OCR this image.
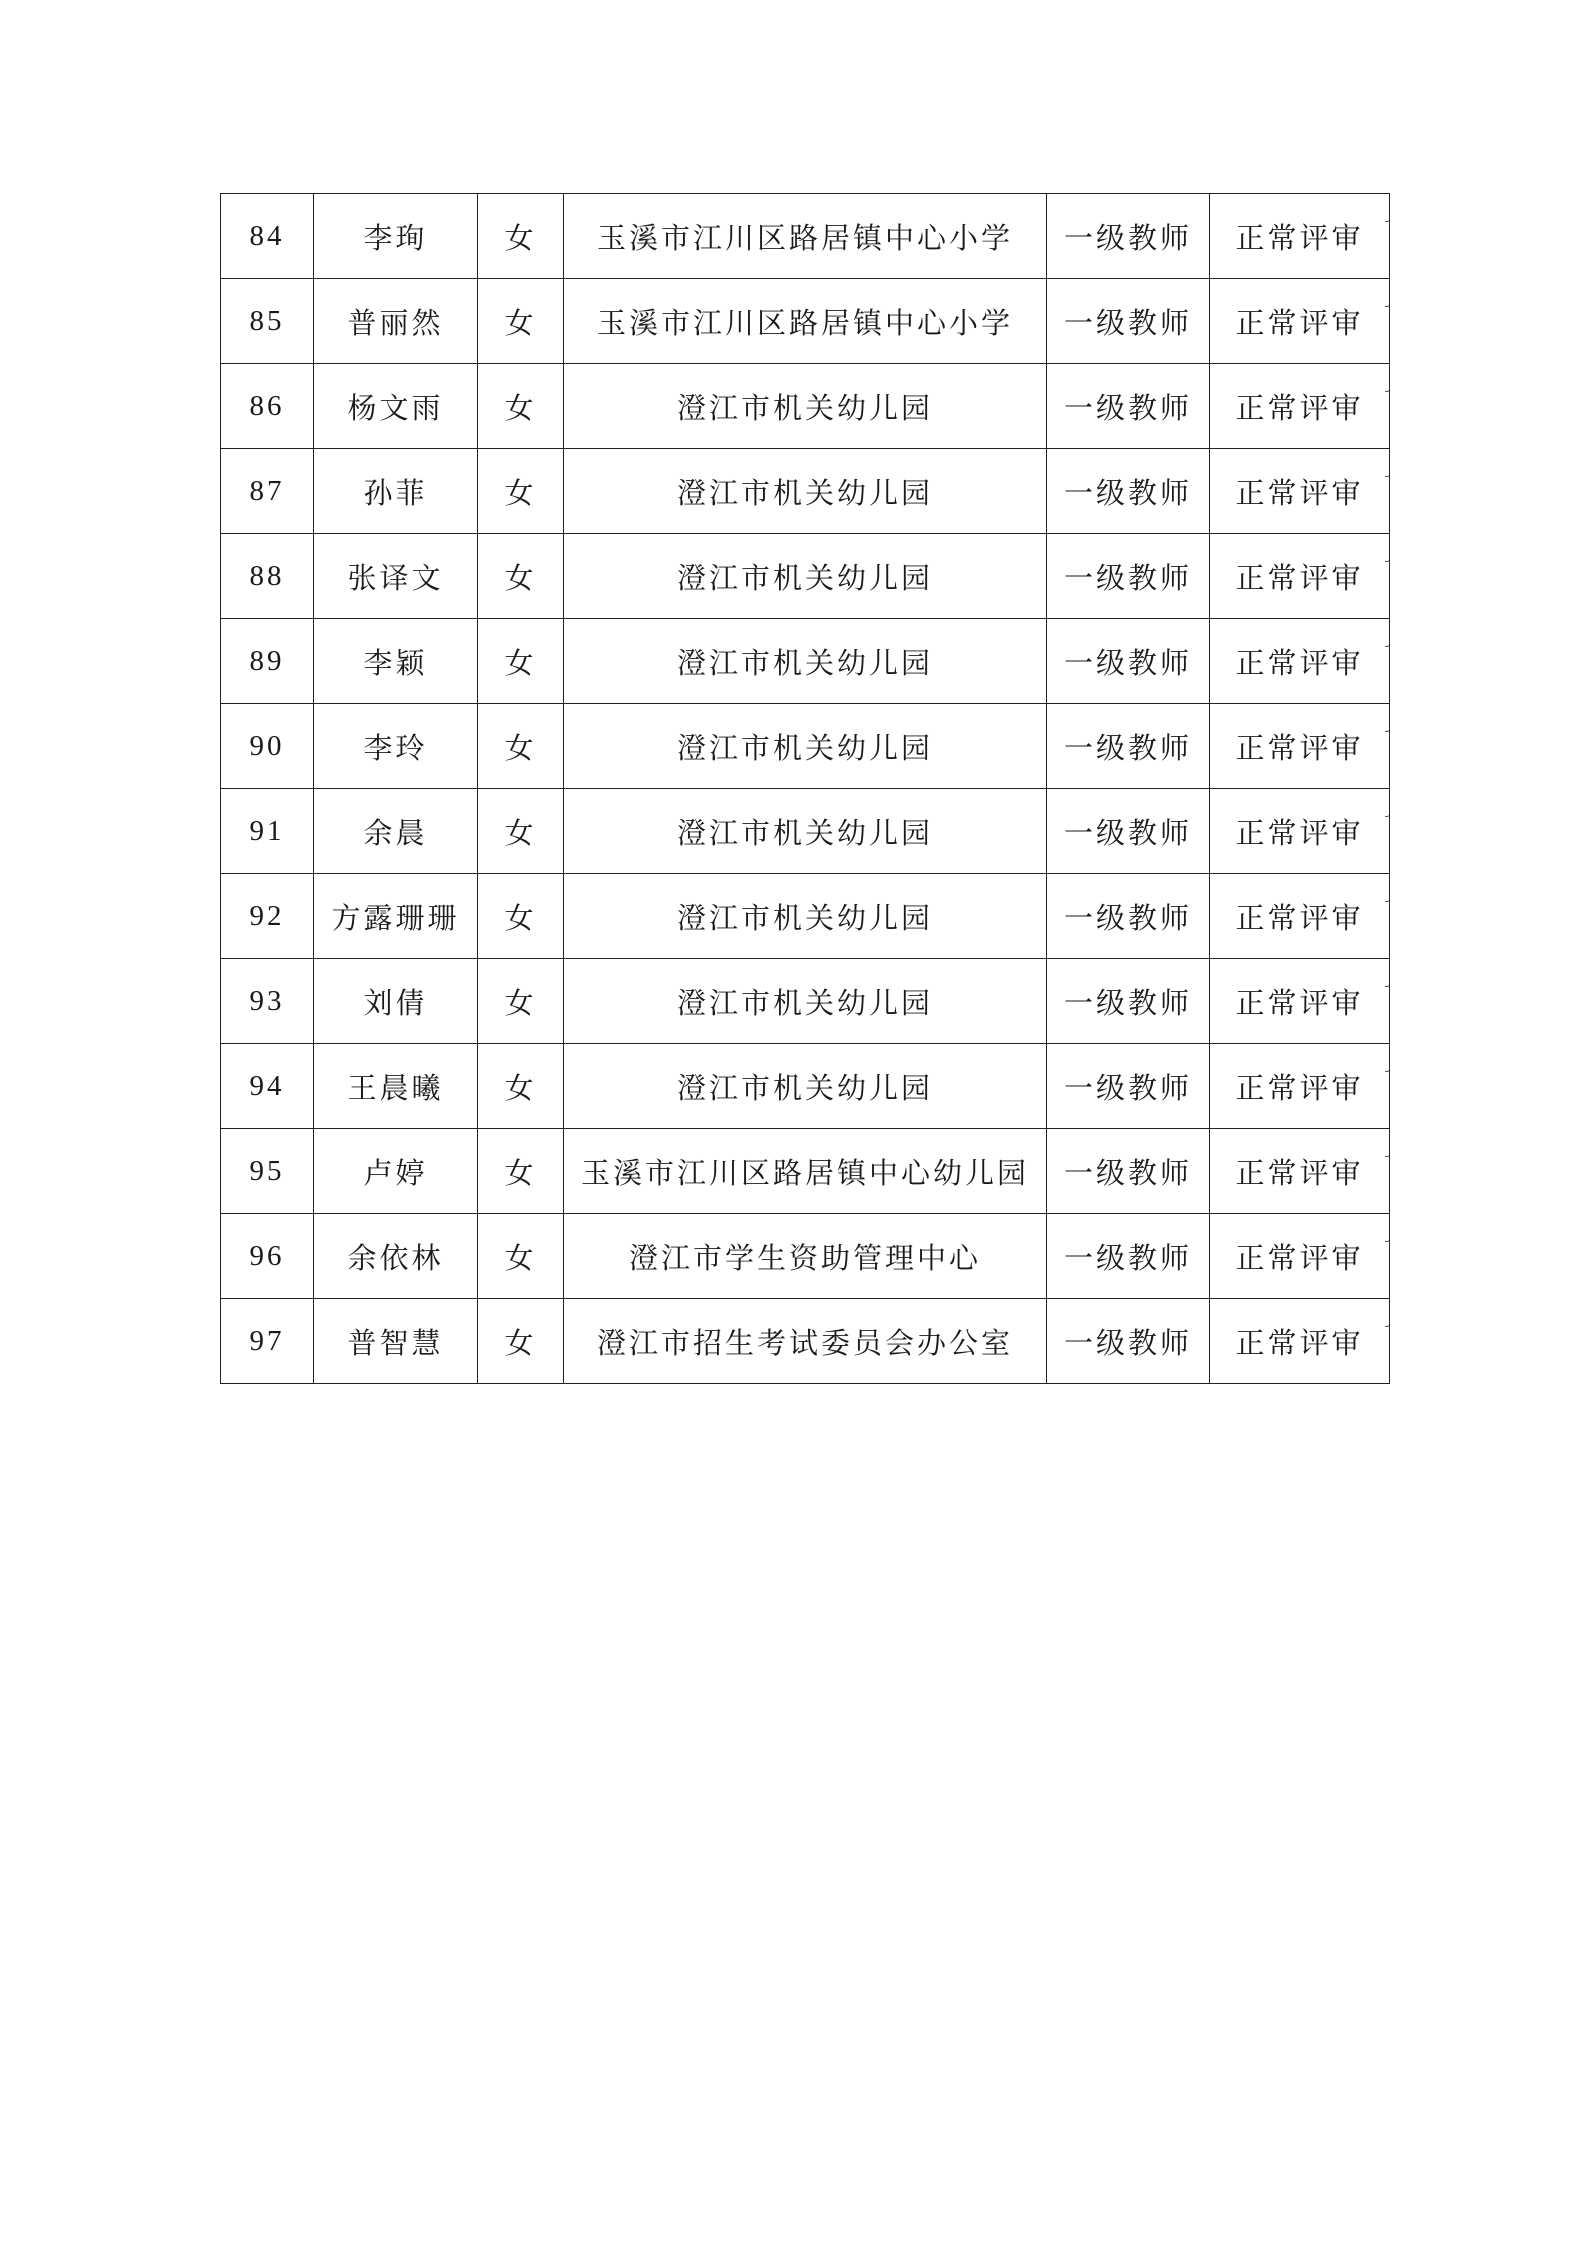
84	李珣	女	玉溪市江川区路居镇中心小学	一级教师	正常评审
85	普丽然	女	玉溪市江川区路居镇中心小学	一级教师	正常评审
86	杨文雨	女	澄江市机关幼儿园	一级教师	正常评审
87	孙菲	女	澄江市机关幼儿园	一级教师	正常评审
88	张译文	女	澄江市机关幼儿园	一级教师	正常评审
89	李颖	女	澄江市机关幼儿园	一级教师	正常评审
90	李玲	女	澄江市机关幼儿园	一级教师	正常评审
91	余晨	女	澄江市机关幼儿园	一级教师	正常评审
92	方露珊珊	女	澄江市机关幼儿园	一级教师	正常评审
93	刘倩	女	澄江市机关幼儿园	一级教师	正常评审
94	王晨曦	女	澄江市机关幼儿园	一级教师	正常评审
95	卢婷	女	玉溪市江川区路居镇中心幼儿园	一级教师	正常评审
96	余依林	女	澄江市学生资助管理中心	一级教师	正常评审
97	普智慧	女	澄江市招生考试委员会办公室	一级教师	正常评审
